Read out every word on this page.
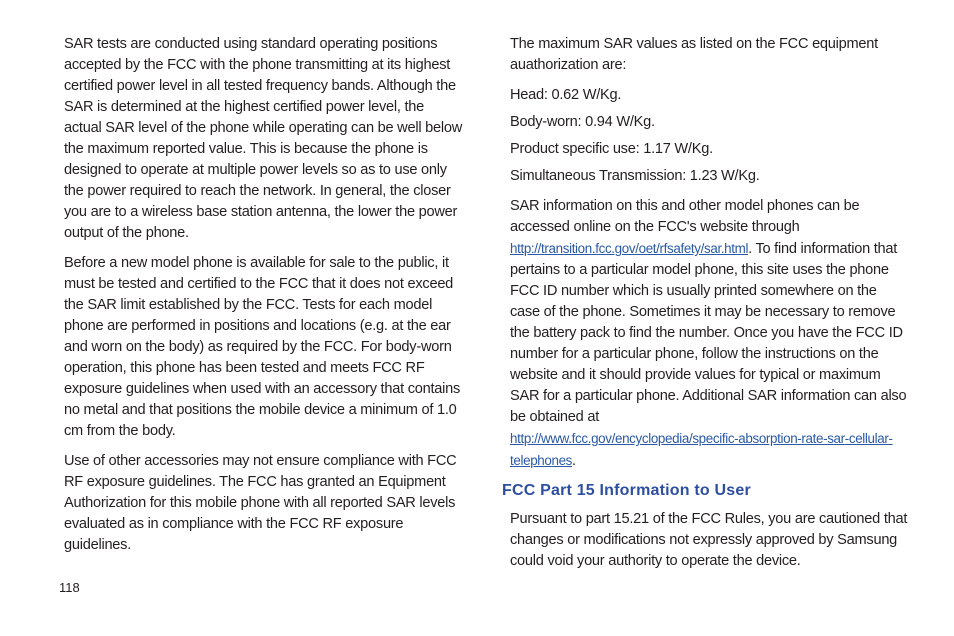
SAR tests are conducted using standard operating positions accepted by the FCC with the phone transmitting at its highest certified power level in all tested frequency bands. Although the SAR is determined at the highest certified power level, the actual SAR level of the phone while operating can be well below the maximum reported value. This is because the phone is designed to operate at multiple power levels so as to use only the power required to reach the network. In general, the closer you are to a wireless base station antenna, the lower the power output of the phone.

Before a new model phone is available for sale to the public, it must be tested and certified to the FCC that it does not exceed the SAR limit established by the FCC. Tests for each model phone are performed in positions and locations (e.g. at the ear and worn on the body) as required by the FCC. For body-worn operation, this phone has been tested and meets FCC RF exposure guidelines when used with an accessory that contains no metal and that positions the mobile device a minimum of 1.0 cm from the body.

Use of other accessories may not ensure compliance with FCC RF exposure guidelines. The FCC has granted an Equipment Authorization for this mobile phone with all reported SAR levels evaluated as in compliance with the FCC RF exposure guidelines.

The maximum SAR values as listed on the FCC equipment auathorization are:

Head: 0.62 W/Kg.

Body-worn: 0.94 W/Kg.

Product specific use: 1.17 W/Kg.

Simultaneous Transmission: 1.23 W/Kg.

SAR information on this and other model phones can be accessed online on the FCC's website through http://transition.fcc.gov/oet/rfsafety/sar.html. To find information that pertains to a particular model phone, this site uses the phone FCC ID number which is usually printed somewhere on the case of the phone. Sometimes it may be necessary to remove the battery pack to find the number. Once you have the FCC ID number for a particular phone, follow the instructions on the website and it should provide values for typical or maximum SAR for a particular phone. Additional SAR information can also be obtained at
http://www.fcc.gov/encyclopedia/specific-absorption-rate-sar-cellular-telephones.

FCC Part 15 Information to User

Pursuant to part 15.21 of the FCC Rules, you are cautioned that changes or modifications not expressly approved by Samsung could void your authority to operate the device.

118
